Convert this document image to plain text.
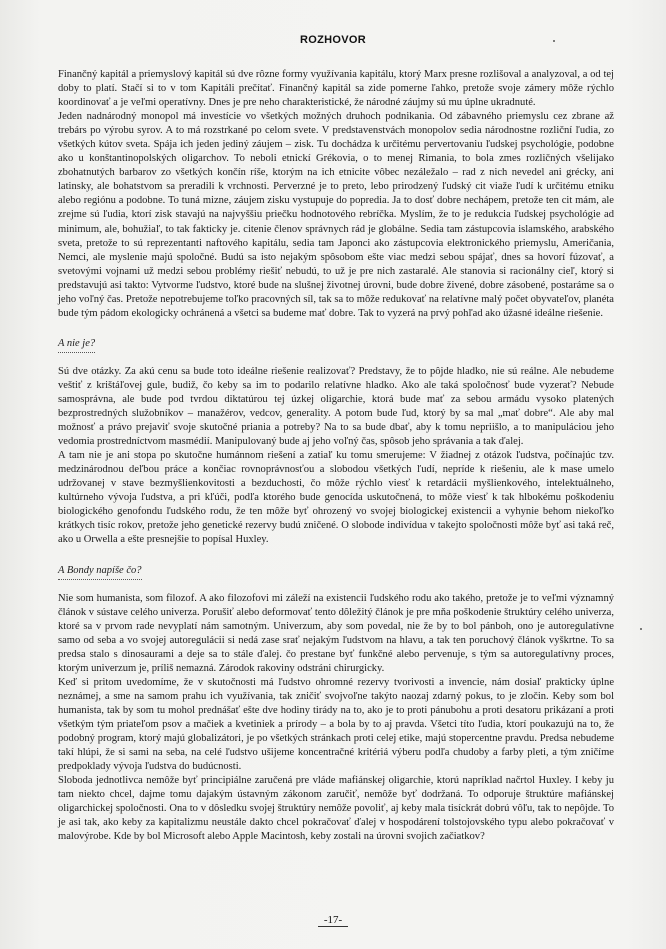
ROZHOVOR

Finančný kapitál a priemyslový kapitál sú dve rôzne formy využívania kapitálu, ktorý Marx presne rozlišoval a analyzoval, a od tej doby to platí. Stačí si to v tom Kapitáli prečítať. Finančný kapitál sa zide pomerne ľahko, pretože svoje zámery môže rýchlo koordinovať a je veľmi operatívny. Dnes je pre neho charakteristické, že národné záujmy sú mu úplne ukradnuté.

Jeden nadnárodný monopol má investície vo všetkých možných druhoch podnikania. Od zábavného priemyslu cez zbrane až trebárs po výrobu syrov. A to má rozstrkané po celom svete. V predstavenstvách monopolov sedia národnostne rozliční ľudia, zo všetkých kútov sveta. Spája ich jeden jediný záujem – zisk. Tu dochádza k určitému pervertovaniu ľudskej psychológie, podobne ako u konštantinopolských oligarchov. To neboli etnickí Grékovia, o to menej Rimania, to bola zmes rozličných všelijako zbohatnutých barbarov zo všetkých končín ríše, ktorým na ich etnicite vôbec nezáležalo – rad z nich nevedel ani grécky, ani latinsky, ale bohatstvom sa preradili k vrchnosti. Perverzné je to preto, lebo prirodzený ľudský cit viaže ľudí k určitému etniku alebo regiónu a podobne. To tuná mizne, záujem zisku vystupuje do popredia. Ja to dosť dobre nechápem, pretože ten cit mám, ale zrejme sú ľudia, ktorí zisk stavajú na najvyššiu priečku hodnotového rebríčka. Myslím, že to je redukcia ľudskej psychológie ad minimum, ale, bohužiaľ, to tak fakticky je. citenie členov správnych rád je globálne. Sedia tam zástupcovia islamského, arabského sveta, pretože to sú reprezentanti naftového kapitálu, sedia tam Japonci ako zástupcovia elektronického priemyslu, Američania, Nemci, ale myslenie majú spoločné. Budú sa isto nejakým spôsobom ešte viac medzi sebou spájať, dnes sa hovorí fúzovať, a svetovými vojnami už medzi sebou problémy riešiť nebudú, to už je pre nich zastaralé. Ale stanovia si racionálny cieľ, ktorý si predstavujú asi takto: Vytvorme ľudstvo, ktoré bude na slušnej životnej úrovni, bude dobre živené, dobre zásobené, postaráme sa o jeho voľný čas. Pretože nepotrebujeme toľko pracovných síl, tak sa to môže redukovať na relatívne malý počet obyvateľov, planéta bude tým pádom ekologicky ochránená a všetci sa budeme mať dobre. Tak to vyzerá na prvý pohľad ako úžasné ideálne riešenie.

A nie je?

Sú dve otázky. Za akú cenu sa bude toto ideálne riešenie realizovať? Predstavy, že to pôjde hladko, nie sú reálne. Ale nebudeme veštiť z krištáľovej gule, budiž, čo keby sa im to podarilo relatívne hladko. Ako ale taká spoločnosť bude vyzerať? Nebude samosprávna, ale bude pod tvrdou diktatúrou tej úzkej oligarchie, ktorá bude mať za sebou armádu vysoko platených bezprostredných služobníkov – manažérov, vedcov, generality. A potom bude ľud, ktorý by sa mal „mať dobre“. Ale aby mal možnosť a právo prejaviť svoje skutočné priania a potreby? Na to sa bude dbať, aby k tomu nepriišlo, a to manipuláciou jeho vedomia prostredníctvom masmédií. Manipulovaný bude aj jeho voľný čas, spôsob jeho správania a tak ďalej.

A tam nie je ani stopa po skutočne humánnom riešení a zatiaľ ku tomu smerujeme: V žiadnej z otázok ľudstva, počínajúc tzv. medzinárodnou deľbou práce a končiac rovnoprávnosťou a slobodou všetkých ľudí, nepríde k riešeniu, ale k mase umelo udržovanej v stave bezmyšlienkovitosti a bezduchosti, čo môže rýchlo viesť k retardácii myšlienkového, intelektuálneho, kultúrneho vývoja ľudstva, a pri kľúči, podľa ktorého bude genocída uskutočnená, to môže viesť k tak hlbokému poškodeniu biologického genofondu ľudského rodu, že ten môže byť ohrozený vo svojej biologickej existencii a vyhynie behom niekoľko krátkych tisíc rokov, pretože jeho genetické rezervy budú zničené. O slobode indivídua v takejto spoločnosti môže byť asi taká reč, ako u Orwella a ešte presnejšie to popísal Huxley.

A Bondy napíše čo?

Nie som humanista, som filozof. A ako filozofovi mi záleží na existencii ľudského rodu ako takého, pretože je to veľmi významný článok v sústave celého univerza. Porušiť alebo deformovať tento dôležitý článok je pre mňa poškodenie štruktúry celého univerza, ktoré sa v prvom rade nevyplatí nám samotným. Univerzum, aby som povedal, nie že by to bol pánboh, ono je autoregulatívne samo od seba a vo svojej autoregulácii si nedá zase srať nejakým ľudstvom na hlavu, a tak ten poruchový článok vyškrtne. To sa predsa stalo s dinosaurami a deje sa to stále ďalej. čo prestane byť funkčné alebo pervenuje, s tým sa autoregulatívny proces, ktorým univerzum je, príliš nemazná. Zárodok rakoviny odstráni chirurgicky.

Keď si pritom uvedomíme, že v skutočnosti má ľudstvo ohromné rezervy tvorivosti a invencie, nám dosiaľ prakticky úplne neznámej, a sme na samom prahu ich využívania, tak zničiť svojvoľne takýto naozaj zdarný pokus, to je zločin. Keby som bol humanista, tak by som tu mohol prednášať ešte dve hodiny tirády na to, ako je to proti pánubohu a proti desatoru prikázaní a proti všetkým tým priateľom psov a mačiek a kvetiniek a prírody – a bola by to aj pravda. Všetci títo ľudia, ktorí poukazujú na to, že podobný program, ktorý majú globalizátori, je po všetkých stránkach proti celej etike, majú stopercentne pravdu. Predsa nebudeme takí hlúpi, že si sami na seba, na celé ľudstvo ušijeme koncentračné kritériá výberu podľa chudoby a farby pleti, a tým zničíme predpoklady vývoja ľudstva do budúcnosti.

Sloboda jednotlivca nemôže byť principiálne zaručená pre vláde mafiánskej oligarchie, ktorú napríklad načrtol Huxley. I keby ju tam niekto chcel, dajme tomu dajakým ústavným zákonom zaručiť, nemôže byť dodržaná. To odporuje štruktúre mafiánskej oligarchickej spoločnosti. Ona to v dôsledku svojej štruktúry nemôže povoliť, aj keby mala tisíckrát dobrú vôľu, tak to nepôjde. To je asi tak, ako keby za kapitalizmu neustále dakto chcel pokračovať ďalej v hospodárení tolstojovského typu alebo pokračovať v malovýrobe. Kde by bol Microsoft alebo Apple Macintosh, keby zostali na úrovni svojich začiatkov?

-17-
